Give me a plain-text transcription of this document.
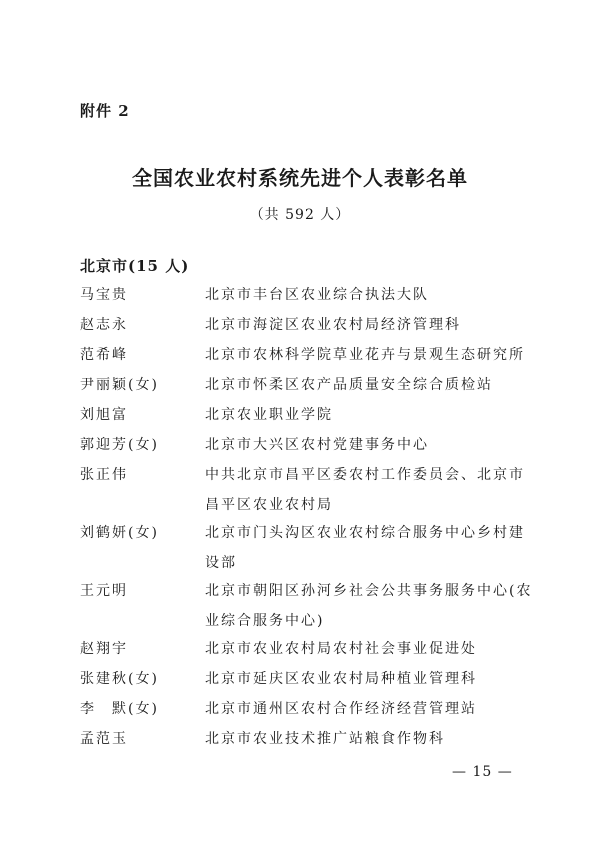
附件 2
全国农业农村系统先进个人表彰名单
（共 592 人）
北京市(15 人)
马宝贵	北京市丰台区农业综合执法大队
赵志永	北京市海淀区农业农村局经济管理科
范希峰	北京市农林科学院草业花卉与景观生态研究所
尹丽颖(女)	北京市怀柔区农产品质量安全综合质检站
刘旭富	北京农业职业学院
郭迎芳(女)	北京市大兴区农村党建事务中心
张正伟	中共北京市昌平区委农村工作委员会、北京市昌平区农业农村局
刘鹤妍(女)	北京市门头沟区农业农村综合服务中心乡村建设部
王元明	北京市朝阳区孙河乡社会公共事务服务中心(农业综合服务中心)
赵翔宇	北京市农业农村局农村社会事业促进处
张建秋(女)	北京市延庆区农业农村局种植业管理科
李　默(女)	北京市通州区农村合作经济经营管理站
孟范玉	北京市农业技术推广站粮食作物科
— 15 —
